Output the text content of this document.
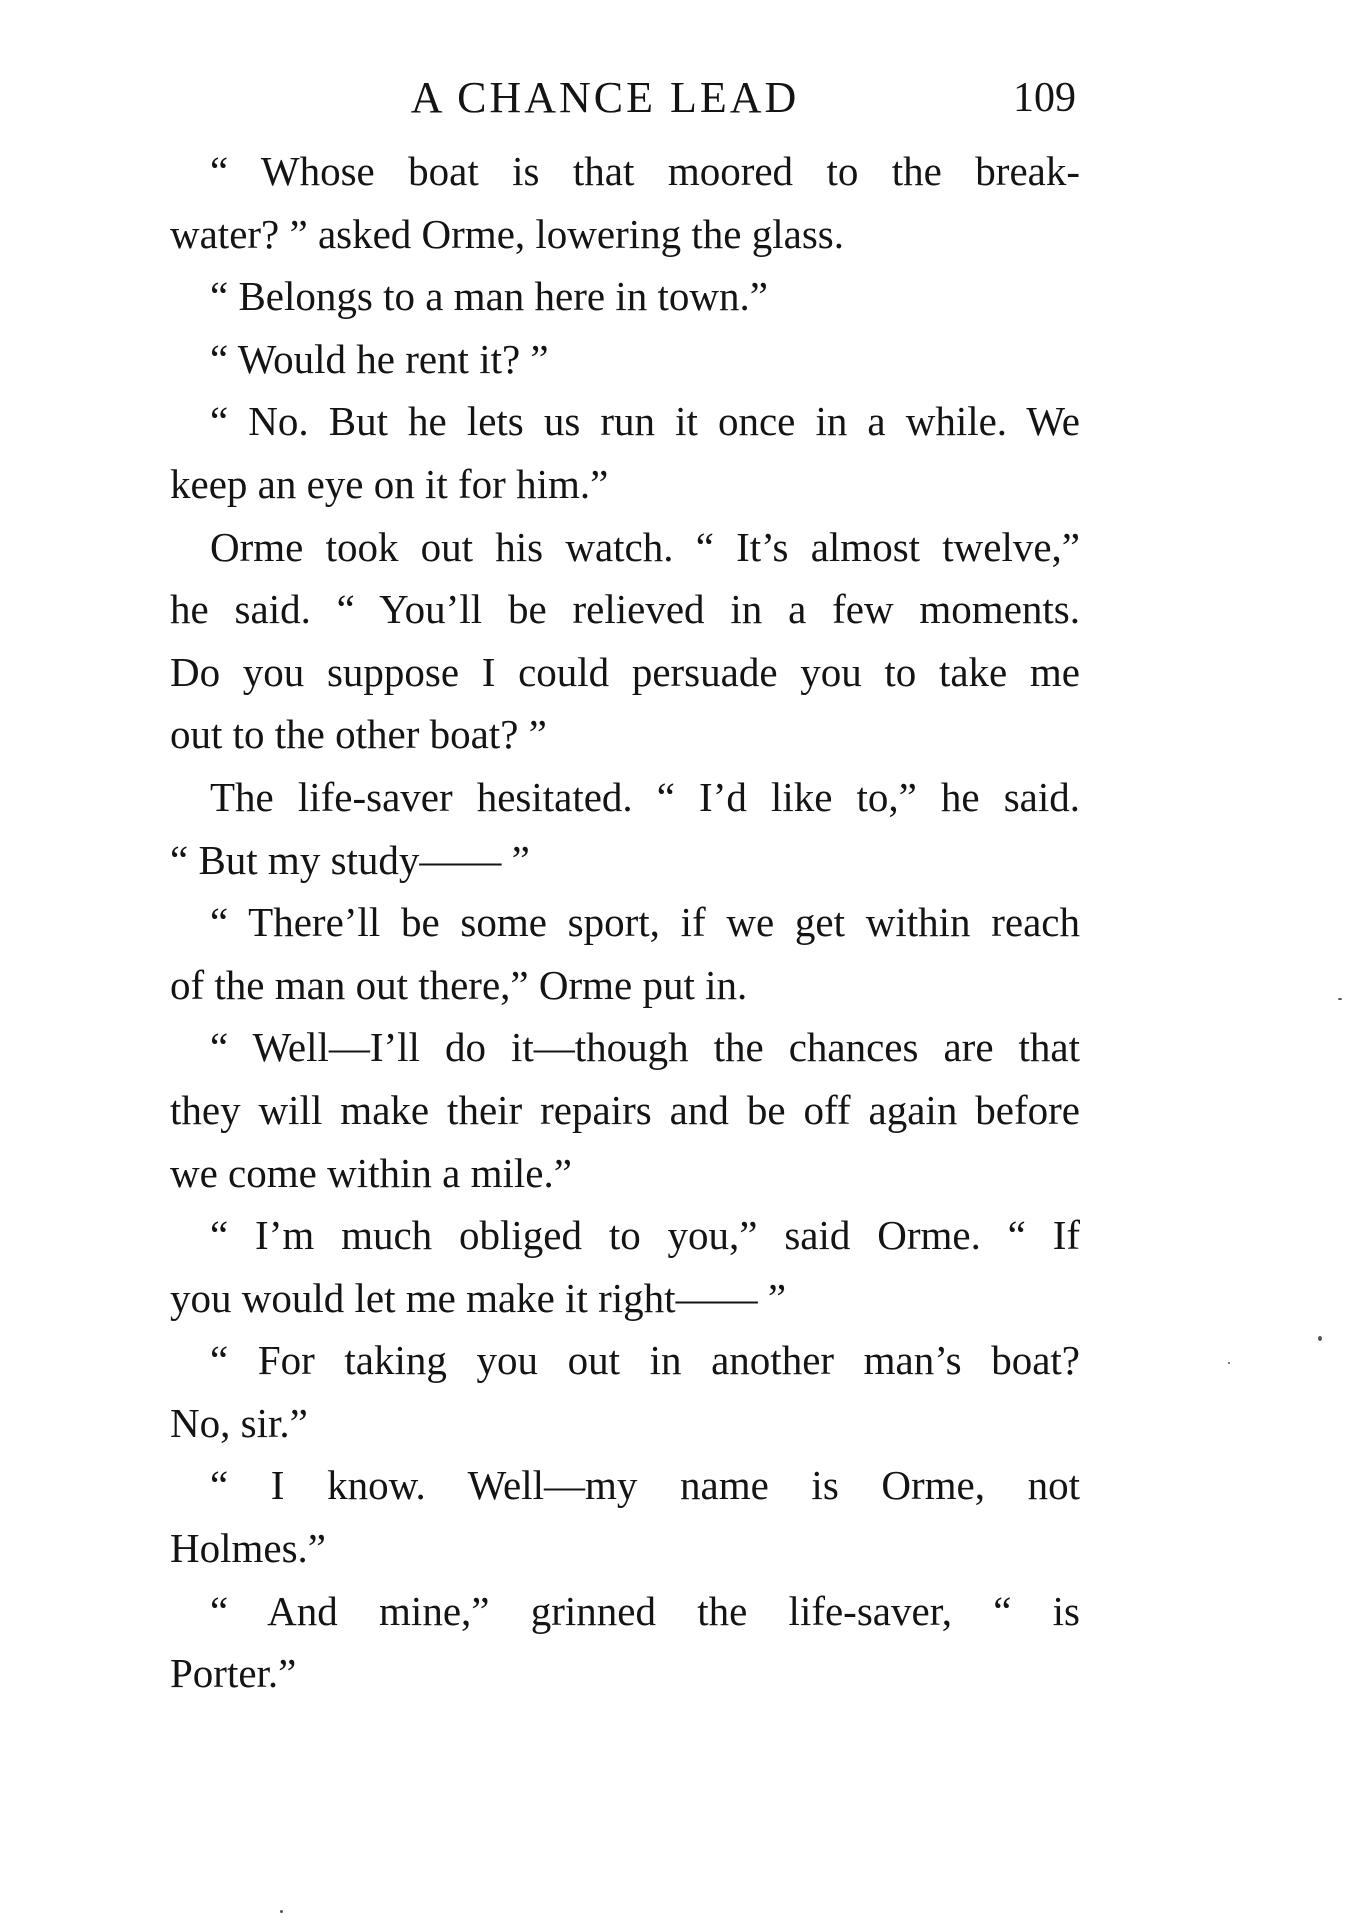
A CHANCE LEAD	109
“ Whose boat is that moored to the break-
water? ” asked Orme, lowering the glass.
“ Belongs to a man here in town.”
“ Would he rent it? ”
“ No. But he lets us run it once in a while. We
keep an eye on it for him.”
Orme took out his watch. “ It’s almost twelve,”
he said. “ You’ll be relieved in a few moments.
Do you suppose I could persuade you to take me
out to the other boat? ”
The life-saver hesitated. “ I’d like to,” he said.
“ But my study—— ”
“ There’ll be some sport, if we get within reach
of the man out there,” Orme put in.
“ Well—I’ll do it—though the chances are that
they will make their repairs and be off again before
we come within a mile.”
“ I’m much obliged to you,” said Orme. “ If
you would let me make it right—— ”
“ For taking you out in another man’s boat?
No, sir.”
“ I know. Well—my name is Orme, not
Holmes.”
“ And mine,” grinned the life-saver, “ is
Porter.”
